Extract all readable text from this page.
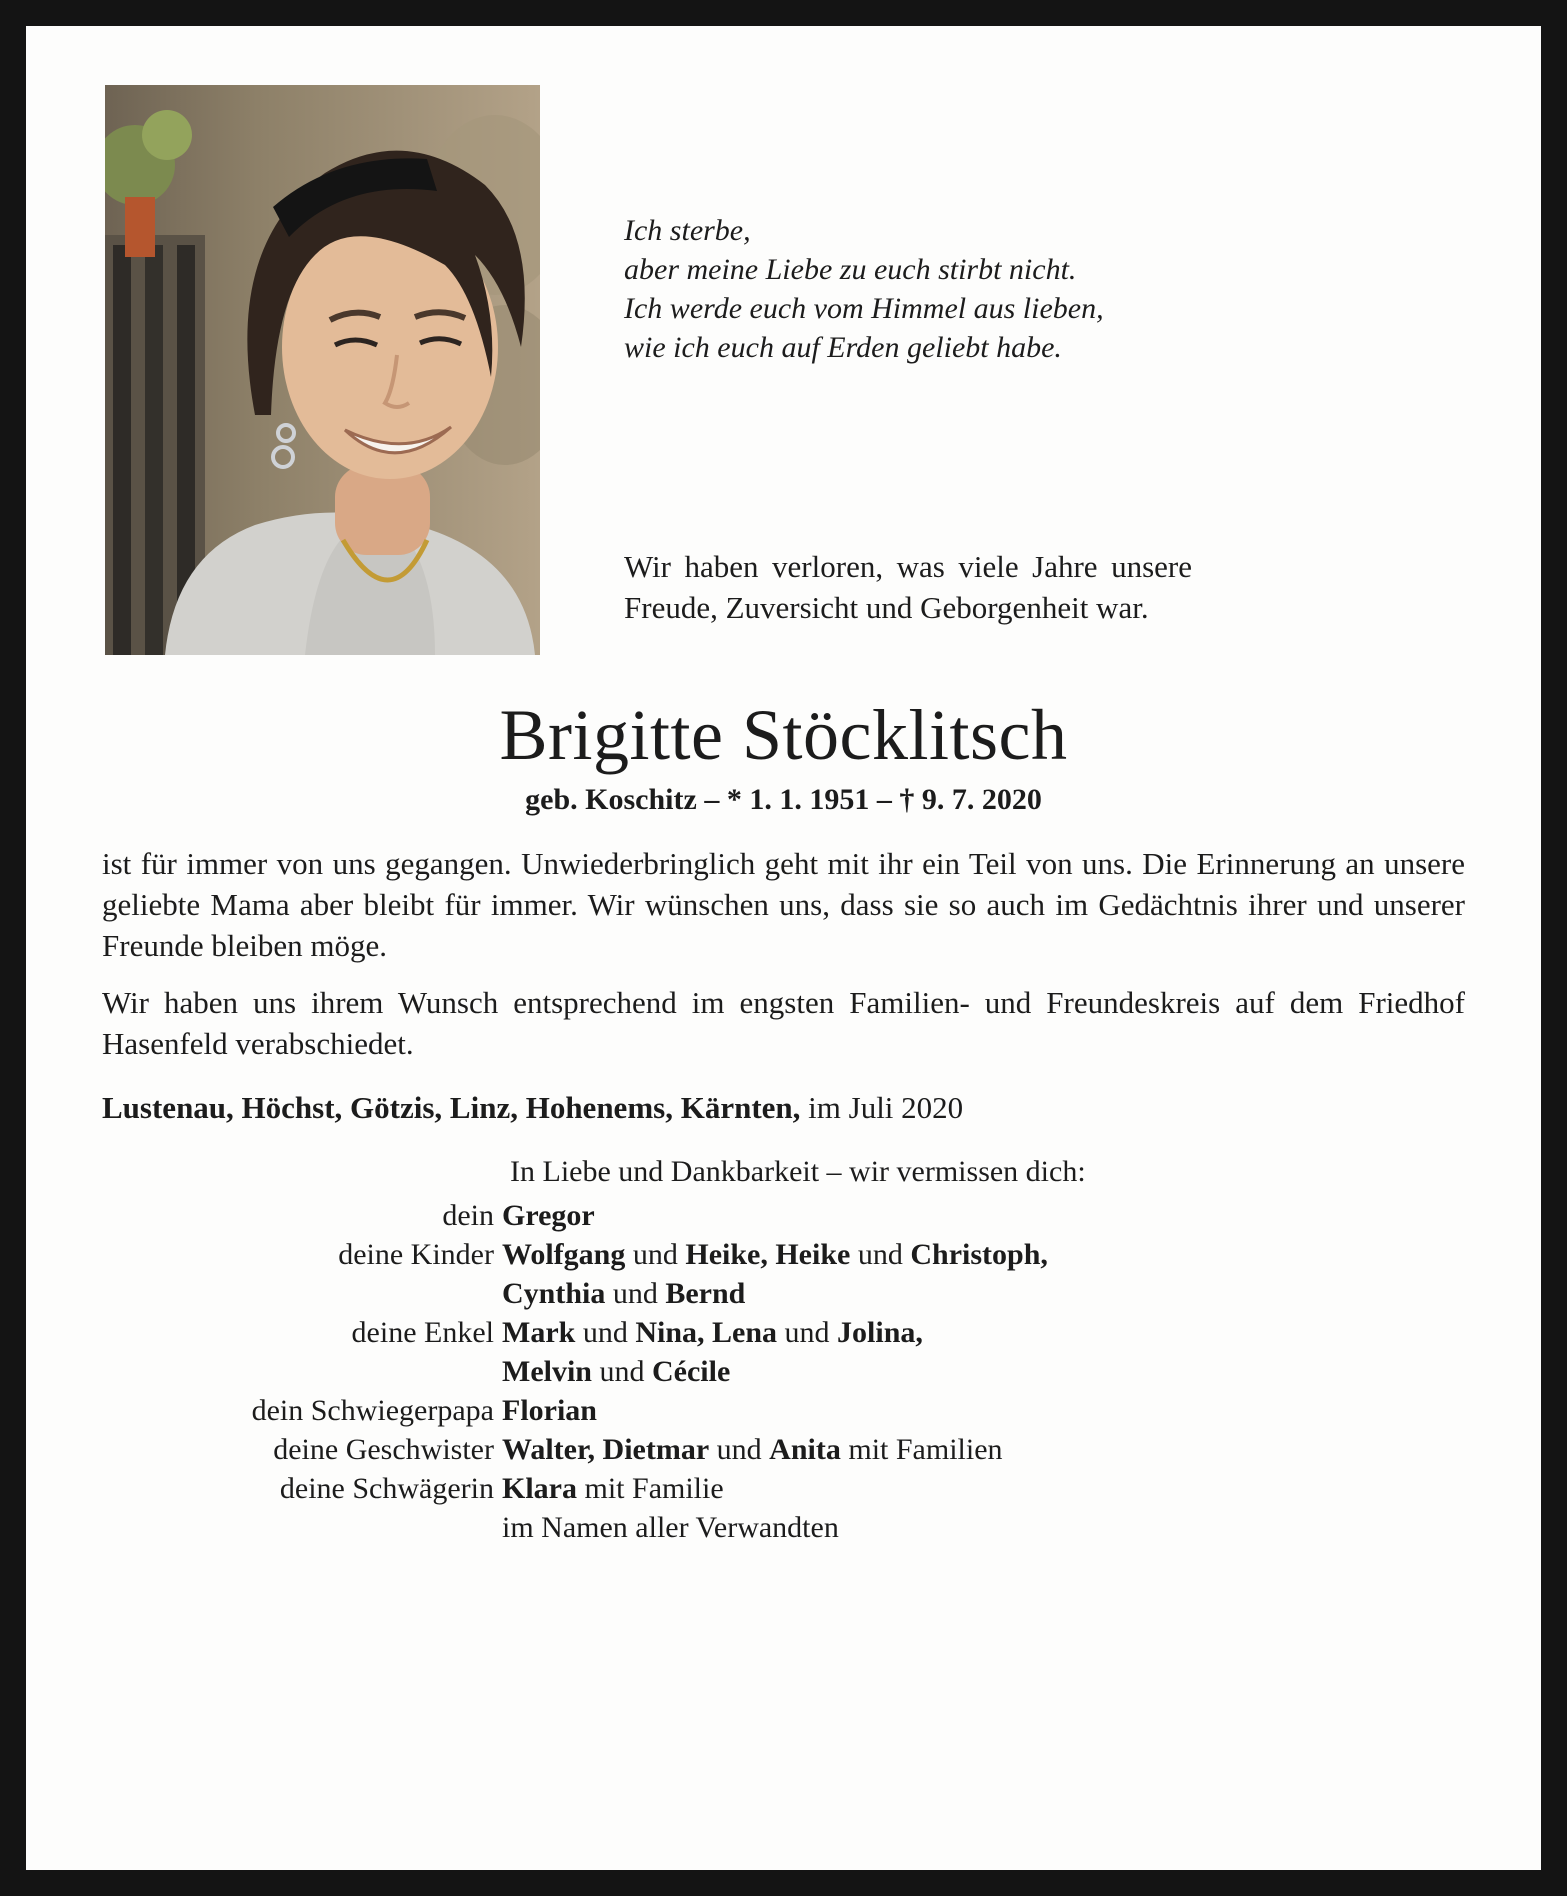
Ich sterbe,
aber meine Liebe zu euch stirbt nicht.
Ich werde euch vom Himmel aus lieben,
wie ich euch auf Erden geliebt habe.
Wir haben verloren, was viele Jahre unsere Freude, Zuversicht und Geborgenheit war.
Brigitte Stöcklitsch
geb. Koschitz – * 1. 1. 1951 – † 9. 7. 2020

ist für immer von uns gegangen. Unwiederbringlich geht mit ihr ein Teil von uns. Die Erinnerung an unsere geliebte Mama aber bleibt für immer. Wir wünschen uns, dass sie so auch im Gedächtnis ihrer und unserer Freunde bleiben möge.

Wir haben uns ihrem Wunsch entsprechend im engsten Familien- und Freundeskreis auf dem Friedhof Hasenfeld verabschiedet.

Lustenau, Höchst, Götzis, Linz, Hohenems, Kärnten, im Juli 2020
In Liebe und Dankbarkeit – wir vermissen dich:
dein Gregor
deine Kinder Wolfgang und Heike, Heike und Christoph,
Cynthia und Bernd
deine Enkel Mark und Nina, Lena und Jolina,
Melvin und Cécile
dein Schwiegerpapa Florian
deine Geschwister Walter, Dietmar und Anita mit Familien
deine Schwägerin Klara mit Familie
im Namen aller Verwandten
